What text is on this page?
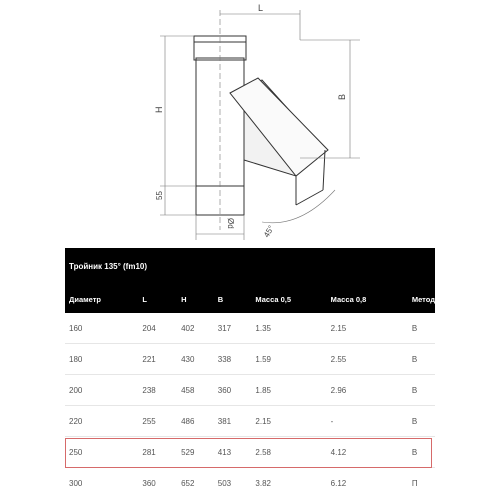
L
B
H
55
Ød
45°
Тройник 135° (fm10)						
Диаметр	L	H	B	Масса 0,5	Масса 0,8	Метод
160	204	402	317	1.35	2.15	В
180	221	430	338	1.59	2.55	В
200	238	458	360	1.85	2.96	В
220	255	486	381	2.15	-	В
250	281	529	413	2.58	4.12	В
300	360	652	503	3.82	6.12	П
